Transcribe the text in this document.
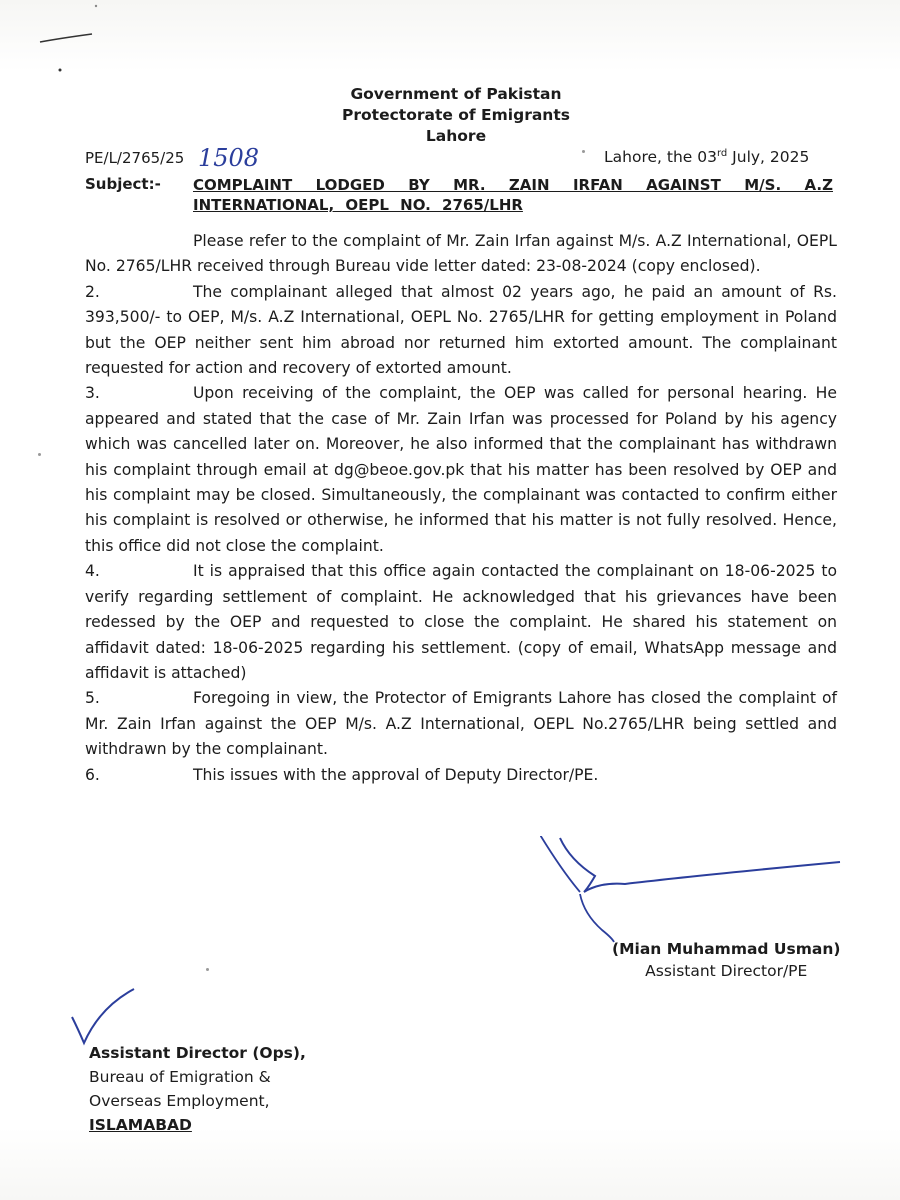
Government of Pakistan
Protectorate of Emigrants
Lahore
PE/L/2765/25 1508	Lahore, the 03rd July, 2025
Subject:- COMPLAINT LODGED BY MR. ZAIN IRFAN AGAINST M/S. A.Z INTERNATIONAL, OEPL NO. 2765/LHR

Please refer to the complaint of Mr. Zain Irfan against M/s. A.Z International, OEPL No. 2765/LHR received through Bureau vide letter dated: 23-08-2024 (copy enclosed).

2.	The complainant alleged that almost 02 years ago, he paid an amount of Rs. 393,500/- to OEP, M/s. A.Z International, OEPL No. 2765/LHR for getting employment in Poland but the OEP neither sent him abroad nor returned him extorted amount. The complainant requested for action and recovery of extorted amount.

3.	Upon receiving of the complaint, the OEP was called for personal hearing. He appeared and stated that the case of Mr. Zain Irfan was processed for Poland by his agency which was cancelled later on. Moreover, he also informed that the complainant has withdrawn his complaint through email at dg@beoe.gov.pk that his matter has been resolved by OEP and his complaint may be closed. Simultaneously, the complainant was contacted to confirm either his complaint is resolved or otherwise, he informed that his matter is not fully resolved. Hence, this office did not close the complaint.

4.	It is appraised that this office again contacted the complainant on 18-06-2025 to verify regarding settlement of complaint. He acknowledged that his grievances have been redessed by the OEP and requested to close the complaint. He shared his statement on affidavit dated: 18-06-2025 regarding his settlement. (copy of email, WhatsApp message and affidavit is attached)

5.	Foregoing in view, the Protector of Emigrants Lahore has closed the complaint of Mr. Zain Irfan against the OEP M/s. A.Z International, OEPL No.2765/LHR being settled and withdrawn by the complainant.

6.	This issues with the approval of Deputy Director/PE.

(Mian Muhammad Usman)
Assistant Director/PE
Assistant Director (Ops),
Bureau of Emigration &
Overseas Employment,
ISLAMABAD
